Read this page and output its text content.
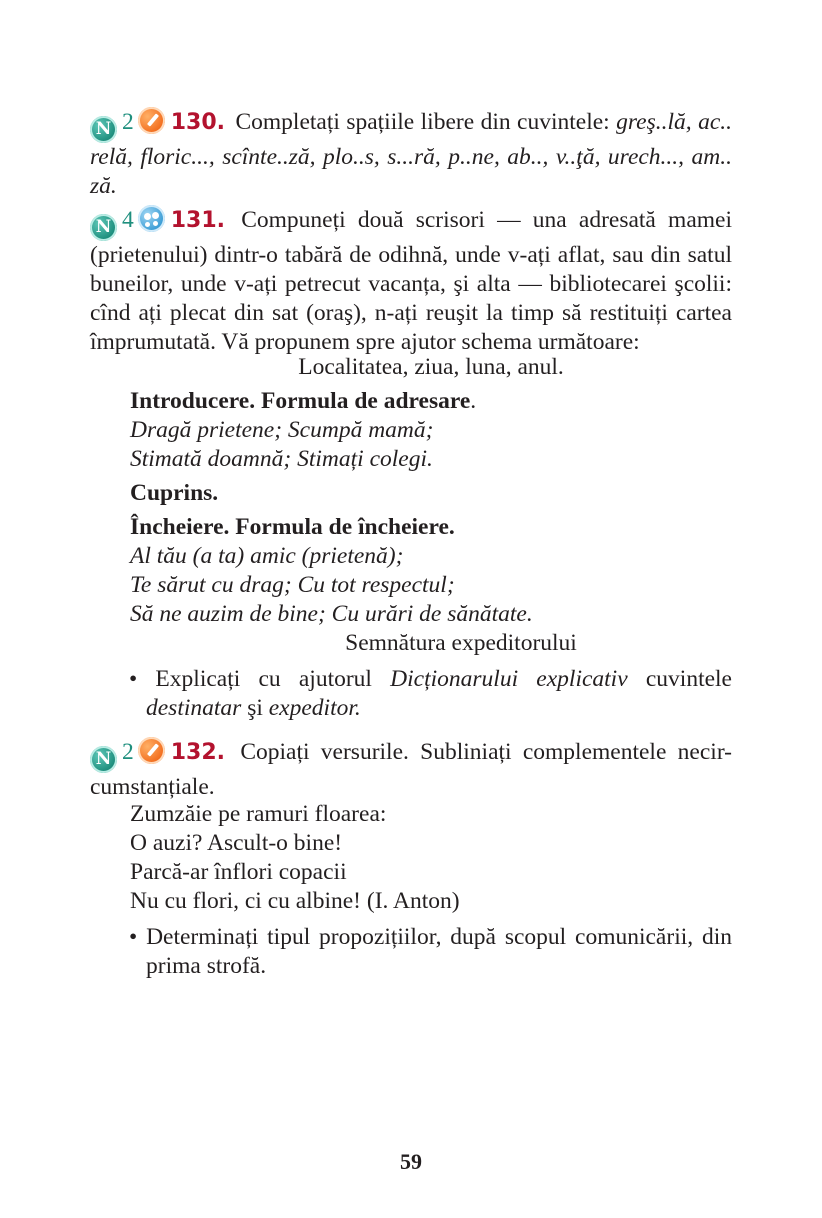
N 2 130. Completați spațiile libere din cuvintele: greş..lă, ac.. relă, floric..., scînte..ză, plo..s, s...ră, p..ne, ab.., v..ţă, urech..., am.. ză.

N 4 131. Compuneți două scrisori — una adresată mamei (prietenului) dintr-o tabără de odihnă, unde v-ați aflat, sau din satul buneilor, unde v-ați petrecut vacanța, şi alta — bibliotecarei şcolii: cînd ați plecat din sat (oraş), n-ați reuşit la timp să restituiți cartea împrumutată. Vă propunem spre ajutor schema următoare:

Localitatea, ziua, luna, anul.

Introducere. Formula de adresare.

Dragă prietene; Scumpă mamă;

Stimată doamnă; Stimați colegi.

Cuprins.

Încheiere. Formula de încheiere.

Al tău (a ta) amic (prietenă);

Te sărut cu drag; Cu tot respectul;

Să ne auzim de bine; Cu urări de sănătate.

Semnătura expeditorului

• Explicați cu ajutorul Dicționarului explicativ cuvintele destinatar şi expeditor.

N 2 132. Copiați versurile. Subliniați complementele necir-cumstanțiale.

Zumzăie pe ramuri floarea:

O auzi? Ascult-o bine!

Parcă-ar înflori copacii

Nu cu flori, ci cu albine! (I. Anton)

• Determinați tipul propozițiilor, după scopul comunicării, din prima strofă.

59
